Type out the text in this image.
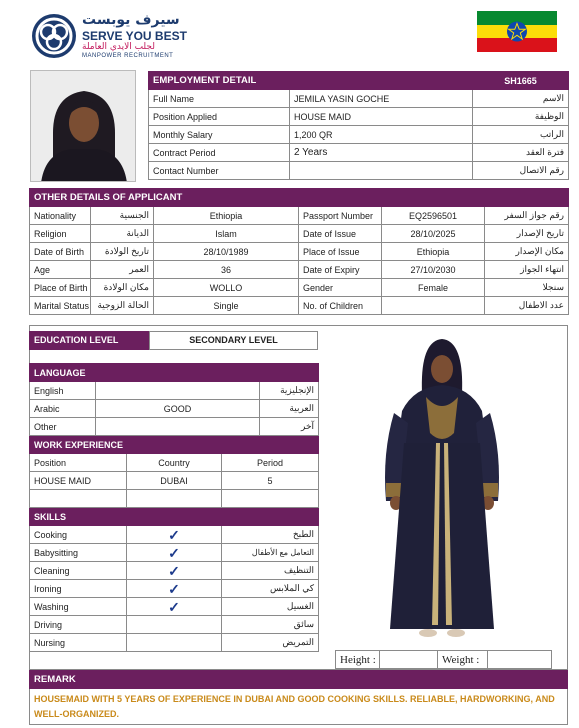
سيرف يوبست
SERVE YOU BEST
لجلب الايدي العاملة
MANPOWER RECRUITMENT
EMPLOYMENT DETAIL		SH1665
Full Name	JEMILA YASIN GOCHE	الاسم
Position Applied	HOUSE MAID	الوظيفة
Monthly Salary	1,200 QR	الراتب
Contract Period	2 Years	فترة العقد
Contact Number		رقم الاتصال
OTHER DETAILS OF APPLICANT					
Nationality	الجنسية	Ethiopia	Passport Number	EQ2596501	رقم جواز السفر
Religion	الديانة	Islam	Date of Issue	28/10/2025	تاريخ الإصدار
Date of Birth	تاريخ الولادة	28/10/1989	Place of Issue	Ethiopia	مكان الإصدار
Age	العمر	36	Date of Expiry	27/10/2030	انتهاء الجواز
Place of Birth	مكان الولادة	WOLLO	Gender	Female	سنجلا
Marital Status	الحالة الزوجية	Single	No. of Children		عدد الاطفال
EDUCATION LEVEL	SECONDARY LEVEL
LANGUAGE				
English				الإنجليزية
Arabic	GOOD			العربية
Other				آخر
WORK EXPERIENCE				
Position		Country	Period	
HOUSE MAID		DUBAI	5	

SKILLS				
Cooking		✓	الطبخ	
Babysitting		✓	التعامل مع الأطفال	
Cleaning		✓	التنظيف	
Ironing		✓	كي الملابس	
Washing		✓	الغسيل	
Driving			سائق	
Nursing			التمريض	
Height :		Weight :	
REMARK
HOUSEMAID WITH 5 YEARS OF EXPERIENCE IN DUBAI AND GOOD COOKING SKILLS. RELIABLE, HARDWORKING, AND WELL-ORGANIZED.
